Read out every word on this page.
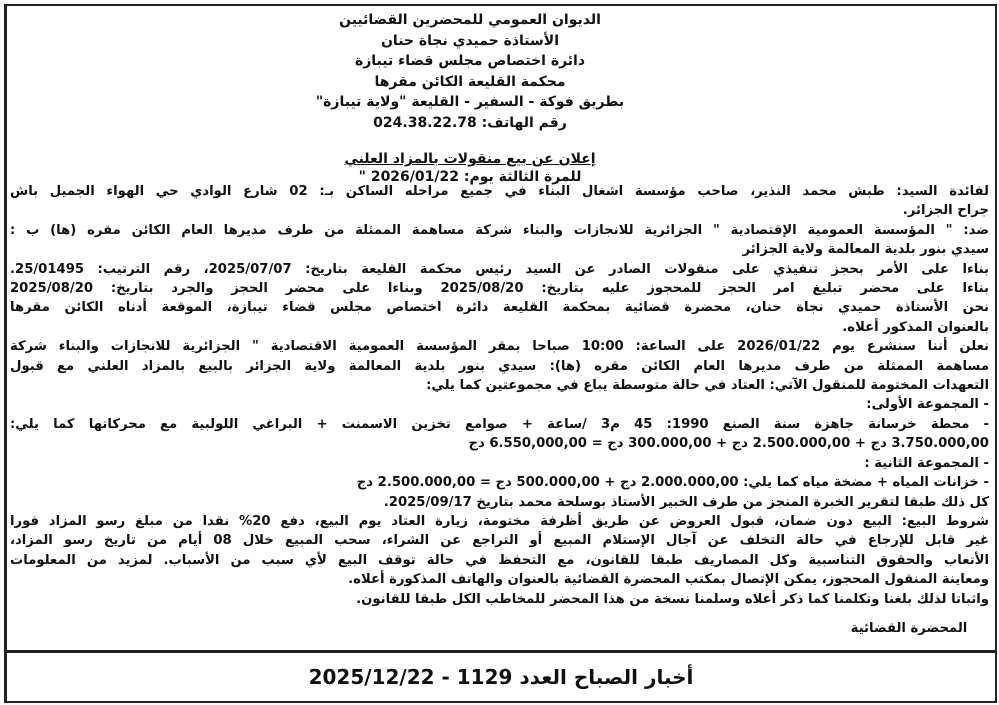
الديوان العمومي للمحضرين القضائيين
الأستاذة حميدي نجاة حنان
دائرة اختصاص مجلس قضاء تيبازة
محكمة القليعة الكائن مقرها
بطريق فوكة - السفير - القليعة "ولاية تيبازة"
رقم الهاتف: 024.38.22.78
إعلان عن بيع منقولات بالمزاد العلني
للمرة الثالثة يوم: 2026/01/22 "
لفائدة السيد: طبش محمد النذير، صاحب مؤسسة اشغال البناء في جميع مراحله الساكن بـ: 02 شارع الوادي حي الهواء الجميل باش
جراح الجزائر.
ضد: " المؤسسة العمومية الإقتصادية " الجزائرية للانجازات والبناء شركة مساهمة الممثلة من طرف مديرها العام الكائن مقره (ها) ب :
سيدي بنور بلدية المعالمة ولاية الجزائر
بناءا على الأمر بحجز تنفيذي على منقولات الصادر عن السيد رئيس محكمة القليعة بتاريخ: 2025/07/07، رقم الترتيب: 25/01495.
بناءا على محضر تبليغ امر الحجز للمحجوز عليه بتاريخ: 2025/08/20 وبناءا على محضر الحجز والجرد بتاريخ: 2025/08/20
نحن الأستاذة حميدي نجاة حنان، محضرة قضائية بمحكمة القليعة دائرة اختصاص مجلس قضاء تيبازة، الموقعة أدناه الكائن مقرها
بالعنوان المذكور أعلاه.
نعلن أننا سنشرع يوم 2026/01/22 على الساعة: 10:00 صباحا بمقر المؤسسة العمومية الاقتصادية " الجزائرية للانجازات والبناء شركة
مساهمة الممثلة من طرف مديرها العام الكائن مقره (ها): سيدي بنور بلدية المعالمة ولاية الجزائر بالبيع بالمزاد العلني مع قبول
التعهدات المختومة للمنقول الآتي: العتاد في حالة متوسطة يباع في مجموعتين كما يلي:
- المجموعة الأولى:
- محطة خرسانة جاهزة سنة الصنع 1990: 45 م3 /ساعة + صوامع تخزين الاسمنت + البراغي اللولبية مع محركاتها كما يلي:
3.750.000,00 دج + 2.500.000,00 دج + 300.000,00 دج = 6.550,000,00 دج
- المجموعة الثانية :
- خزانات المياه + مضخة مياه كما يلي: 2.000.000,00 دج + 500.000,00 دج = 2.500.000,00 دج
كل ذلك طبقا لتقرير الخبرة المنجز من طرف الخبير الأستاذ بوسلحة محمد بتاريخ 2025/09/17.
شروط البيع: البيع دون ضمان، قبول العروض عن طريق أظرفة مختومة، زيارة العتاد يوم البيع، دفع 20% نقدا من مبلغ رسو المزاد فورا
غير قابل للإرجاع في حالة التخلف عن آجال الإستلام المبيع أو التراجع عن الشراء، سحب المبيع خلال 08 أيام من تاريخ رسو المزاد،
الأتعاب والحقوق التناسبية وكل المصاريف طبقا للقانون، مع التحفظ في حالة توقف البيع لأي سبب من الأسباب. لمزيد من المعلومات
ومعاينة المنقول المحجوز، يمكن الإتصال بمكتب المحضرة القضائية بالعنوان والهاتف المذكورة أعلاه.
واثباتا لذلك بلغنا وتكلمنا كما ذكر أعلاه وسلمنا نسخة من هذا المحضر للمخاطب الكل طبقا للقانون.
المحضرة القضائية
أخبار الصباح العدد 1129 - 2025/12/22
